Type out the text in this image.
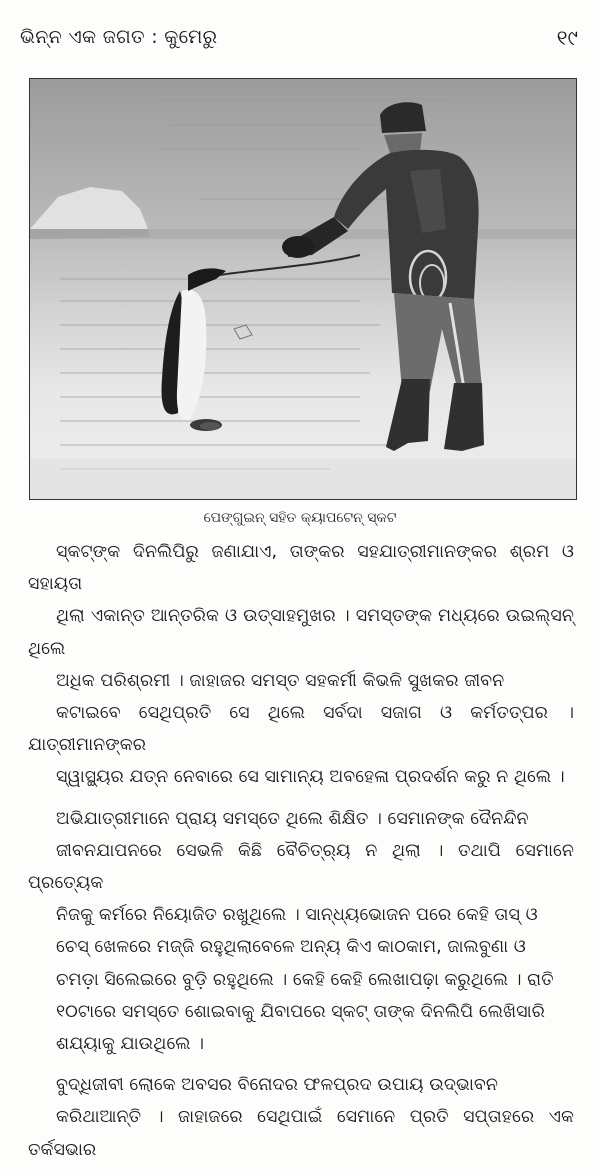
ଭିନ୍ନ ଏକ ଜଗତ : କୁମେରୁ	୧୯
ପେଙ୍ଗୁଇନ୍ ସହିତ କ୍ୟାପଟେନ୍ ସ୍କଟ

ସ୍କଟ୍‌ଙ୍କ ଦିନଲିପିରୁ ଜଣାଯାଏ, ତାଙ୍କର ସହଯାତ୍ରୀମାନଙ୍କର ଶ୍ରମ ଓ ସହାୟତା
ଥିଲା ଏକାନ୍ତ ଆନ୍ତରିକ ଓ ଉତ୍ସାହମୁଖର । ସମସ୍ତଙ୍କ ମଧ୍ୟରେ ଉଇଲ୍‌ସନ୍ ଥିଲେ
ଅଧିକ ପରିଶ୍ରମୀ । ଜାହାଜର ସମସ୍ତ ସହକର୍ମୀ କିଭଳି ସୁଖକର ଜୀବନ
କଟାଇବେ ସେଥିପ୍ରତି ସେ ଥିଲେ ସର୍ବଦା ସଜାଗ ଓ କର୍ମତତ୍ପର । ଯାତ୍ରୀମାନଙ୍କର
ସ୍ୱାସ୍ଥ୍ୟର ଯତ୍ନ ନେବାରେ ସେ ସାମାନ୍ୟ ଅବହେଳା ପ୍ରଦର୍ଶନ କରୁ ନ ଥିଲେ ।

ଅଭିଯାତ୍ରୀମାନେ ପ୍ରାୟ ସମସ୍ତେ ଥିଲେ ଶିକ୍ଷିତ । ସେମାନଙ୍କ ଦୈନନ୍ଦିନ
ଜୀବନଯାପନରେ ସେଭଳି କିଛି ବୈଚିତ୍ର୍ୟ ନ ଥିଲା । ତଥାପି ସେମାନେ ପ୍ରତ୍ୟେକ
ନିଜକୁ କର୍ମରେ ନିୟୋଜିତ ରଖୁଥିଲେ । ସାନ୍ଧ୍ୟଭୋଜନ ପରେ କେହି ତାସ୍ ଓ
ଚେସ୍ ଖେଳରେ ମଜ୍ଜି ରହୁଥିଲାବେଳେ ଅନ୍ୟ କିଏ କାଠକାମ, ଜାଲବୁଣା ଓ
ଚମଡ଼ା ସିଲେଇରେ ବୁଡ଼ି ରହୁଥିଲେ । କେହି କେହି ଲେଖାପଢ଼ା କରୁଥିଲେ । ରାତି
୧୦ଟାରେ ସମସ୍ତେ ଶୋଇବାକୁ ଯିବାପରେ ସ୍କଟ୍ ତାଙ୍କ ଦିନଲିପି ଲେଖିସାରି
ଶଯ୍ୟାକୁ ଯାଉଥିଲେ ।

ବୁଦ୍ଧିଜୀବୀ ଲୋକେ ଅବସର ବିନୋଦର ଫଳପ୍ରଦ ଉପାୟ ଉଦ୍‌ଭାବନ
କରିଥାଆନ୍ତି । ଜାହାଜରେ ସେଥିପାଇଁ ସେମାନେ ପ୍ରତି ସପ୍ତାହରେ ଏକ ତର୍କସଭାର
